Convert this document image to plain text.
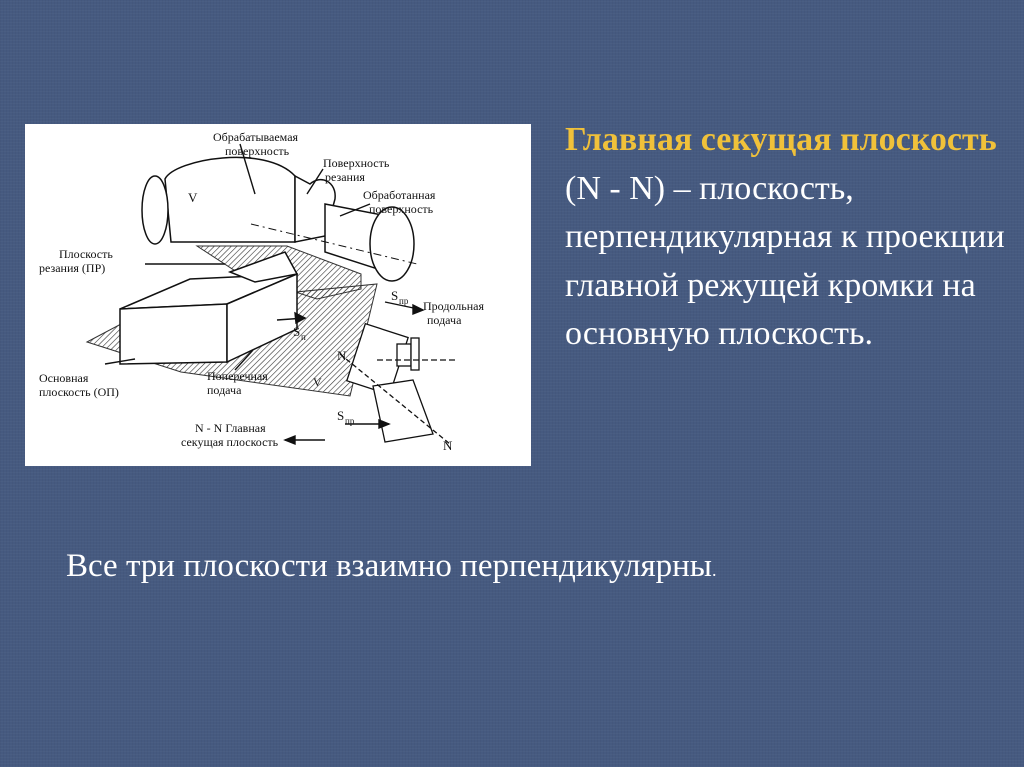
Обрабатываемая
поверхность
Поверхность
резания
Обработанная
поверхность
Плоскость
резания (ПР)
Продольная
подача
Основная
плоскость (ОП)
Поперечная
подача
N - N Главная
секущая плоскость
V
V
S пр
S п
S пр
N
N

Главная секущая плоскость (N - N) – плоскость, перпендикулярная к проекции главной режущей кромки на основную плоскость.

Все три плоскости взаимно перпендикулярны.
